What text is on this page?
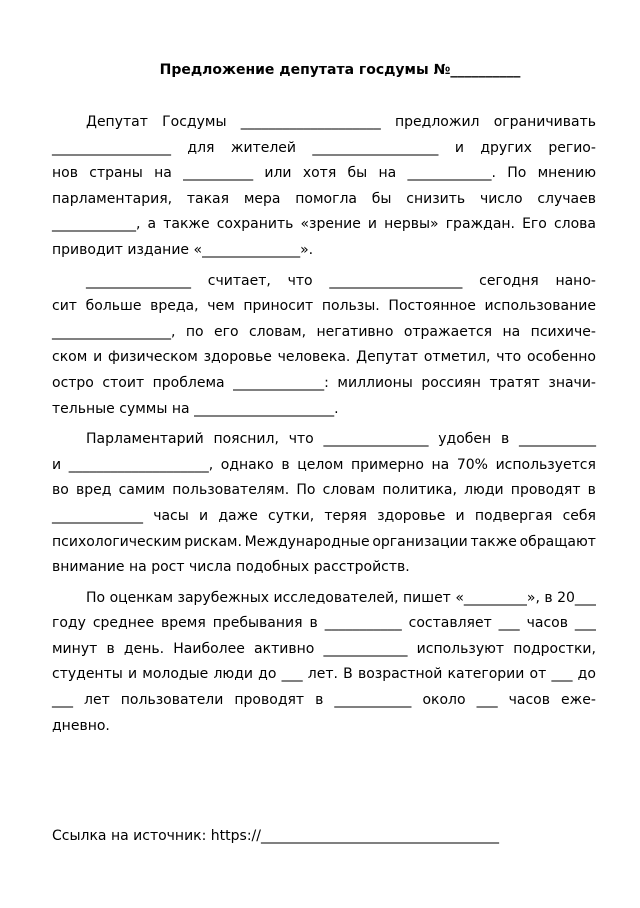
Предложение депутата госдумы №__________
Депутат Госдумы ____________________ предложил ограничивать
_________________ для жителей __________________ и других регио-
нов страны на __________ или хотя бы на ____________. По мнению
парламентария, такая мера помогла бы снизить число случаев
____________, а также сохранить «зрение и нервы» граждан. Его слова
приводит издание «______________».
_______________ считает, что ___________________ сегодня нано-
сит больше вреда, чем приносит пользы. Постоянное использование
_________________, по его словам, негативно отражается на психиче-
ском и физическом здоровье человека. Депутат отметил, что особенно
остро стоит проблема _____________: миллионы россиян тратят значи-
тельные суммы на ____________________.
Парламентарий пояснил, что _______________ удобен в ___________
и ____________________, однако в целом примерно на 70% используется
во вред самим пользователям. По словам политика, люди проводят в
_____________ часы и даже сутки, теряя здоровье и подвергая себя
психологическим рискам. Международные организации также обращают
внимание на рост числа подобных расстройств.
По оценкам зарубежных исследователей, пишет «_________», в 20___
году среднее время пребывания в ___________ составляет ___ часов ___
минут в день. Наиболее активно ____________ используют подростки,
студенты и молодые люди до ___ лет. В возрастной категории от ___ до
___ лет пользователи проводят в ___________ около ___ часов еже-
дневно.
Ссылка на источник: https://__________________________________
